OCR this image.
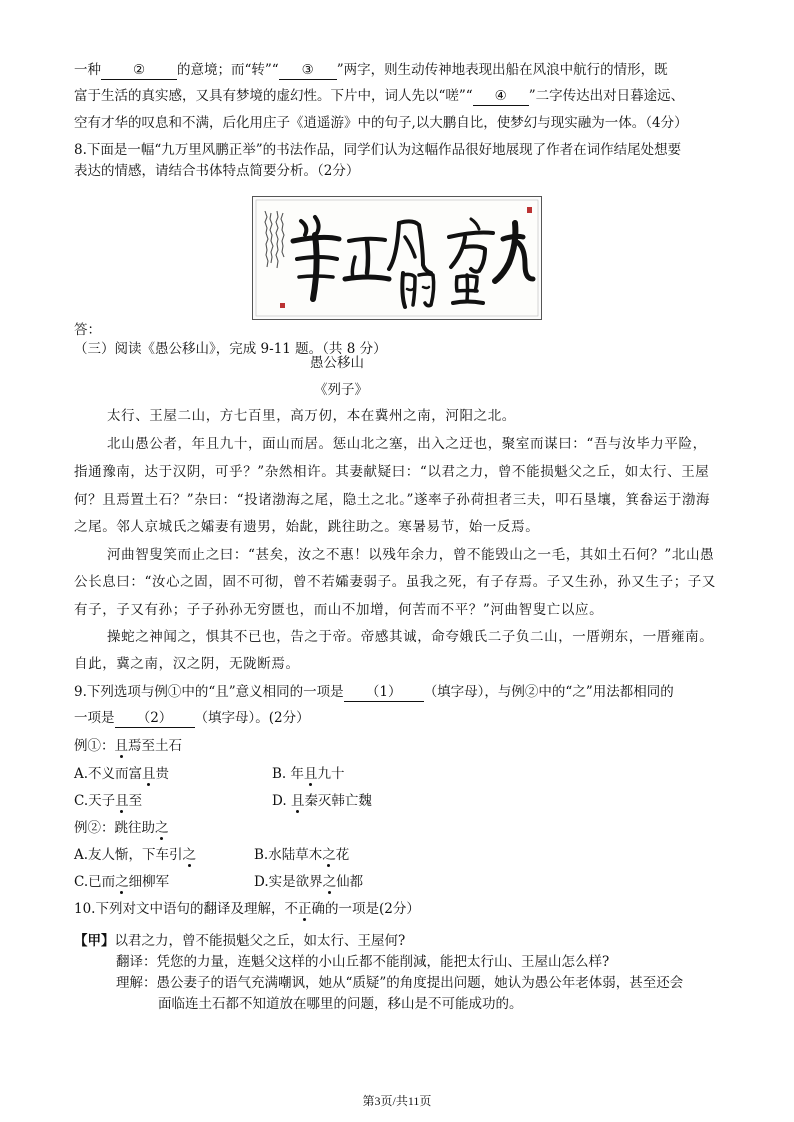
一种 ② 的意境；而“转”“ ③ ”两字，则生动传神地表现出船在风浪中航行的情形，既
富于生活的真实感，又具有梦境的虚幻性。下片中，词人先以“嗟”“ ④ ”二字传达出对日暮途远、
空有才华的叹息和不满，后化用庄子《逍遥游》中的句子,以大鹏自比，使梦幻与现实融为一体。（4分）
8.下面是一幅“九万里风鹏正举”的书法作品，同学们认为这幅作品很好地展现了作者在词作结尾处想要
表达的情感，请结合书体特点简要分析。（2分）
答：
（三）阅读《愚公移山》，完成 9-11 题。（共 8 分）
愚公移山
《列子》
太行、王屋二山，方七百里，高万仞，本在冀州之南，河阳之北。
北山愚公者，年且九十，面山而居。惩山北之塞，出入之迂也，聚室而谋曰：“吾与汝毕力平险，
指通豫南，达于汉阴，可乎？”杂然相许。其妻献疑曰：“以君之力，曾不能损魁父之丘，如太行、王屋
何？且焉置土石？”杂曰：“投诸渤海之尾，隐土之北。”遂率子孙荷担者三夫，叩石垦壤，箕畚运于渤海
之尾。邻人京城氏之孀妻有遗男，始龀，跳往助之。寒暑易节，始一反焉。
河曲智叟笑而止之曰：“甚矣，汝之不惠！以残年余力，曾不能毁山之一毛，其如土石何？”北山愚
公长息曰：“汝心之固，固不可彻，曾不若孀妻弱子。虽我之死，有子存焉。子又生孙，孙又生子；子又
有子，子又有孙；子子孙孙无穷匮也，而山不加增，何苦而不平？”河曲智叟亡以应。
操蛇之神闻之，惧其不已也，告之于帝。帝感其诚，命夸娥氏二子负二山，一厝朔东，一厝雍南。
自此，冀之南，汉之阴，无陇断焉。
9.下列选项与例①中的“且”意义相同的一项是 （1） （填字母），与例②中的“之”用法都相同的
一项是 （2） （填字母）。(2分）
例①：且焉至土石
A.不义而富且贵	B. 年且九十
C.天子且至	D. 且秦灭韩亡魏
例②：跳往助之
A.友人惭，下车引之	B.水陆草木之花
C.已而之细柳军	D.实是欲界之仙都
10.下列对文中语句的翻译及理解，不正确的一项是(2分）
【甲】以君之力，曾不能损魁父之丘，如太行、王屋何?
翻译：凭您的力量，连魁父这样的小山丘都不能削減，能把太行山、王屋山怎么样?
理解：愚公妻子的语气充满嘲讽，她从“质疑”的角度提出问题，她认为愚公年老体弱，甚至还会
面临连土石都不知道放在哪里的问题，移山是不可能成功的。
第3页/共11页
